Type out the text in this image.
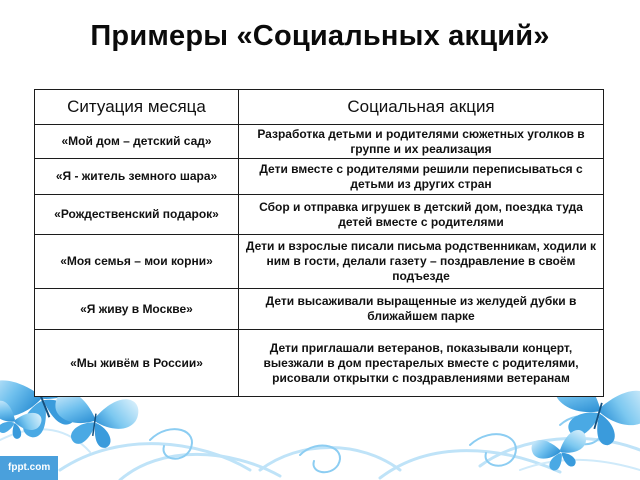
Примеры «Социальных акций»
Ситуация месяца	Социальная акция
«Мой дом – детский сад»	Разработка детьми и родителями сюжетных уголков в группе и их реализация
«Я - житель земного шара»	Дети вместе с родителями решили переписываться с детьми из других стран
«Рождественский подарок»	Сбор и отправка игрушек в детский дом, поездка туда детей вместе с родителями
«Моя семья – мои корни»	Дети и взрослые писали письма родственникам, ходили к ним в гости, делали газету – поздравление в своём подъезде
«Я живу в Москве»	Дети высаживали выращенные из желудей дубки в ближайшем парке
«Мы живём в России»	Дети приглашали ветеранов, показывали концерт, выезжали в дом престарелых вместе с родителями, рисовали открытки с поздравлениями ветеранам
fppt.com
